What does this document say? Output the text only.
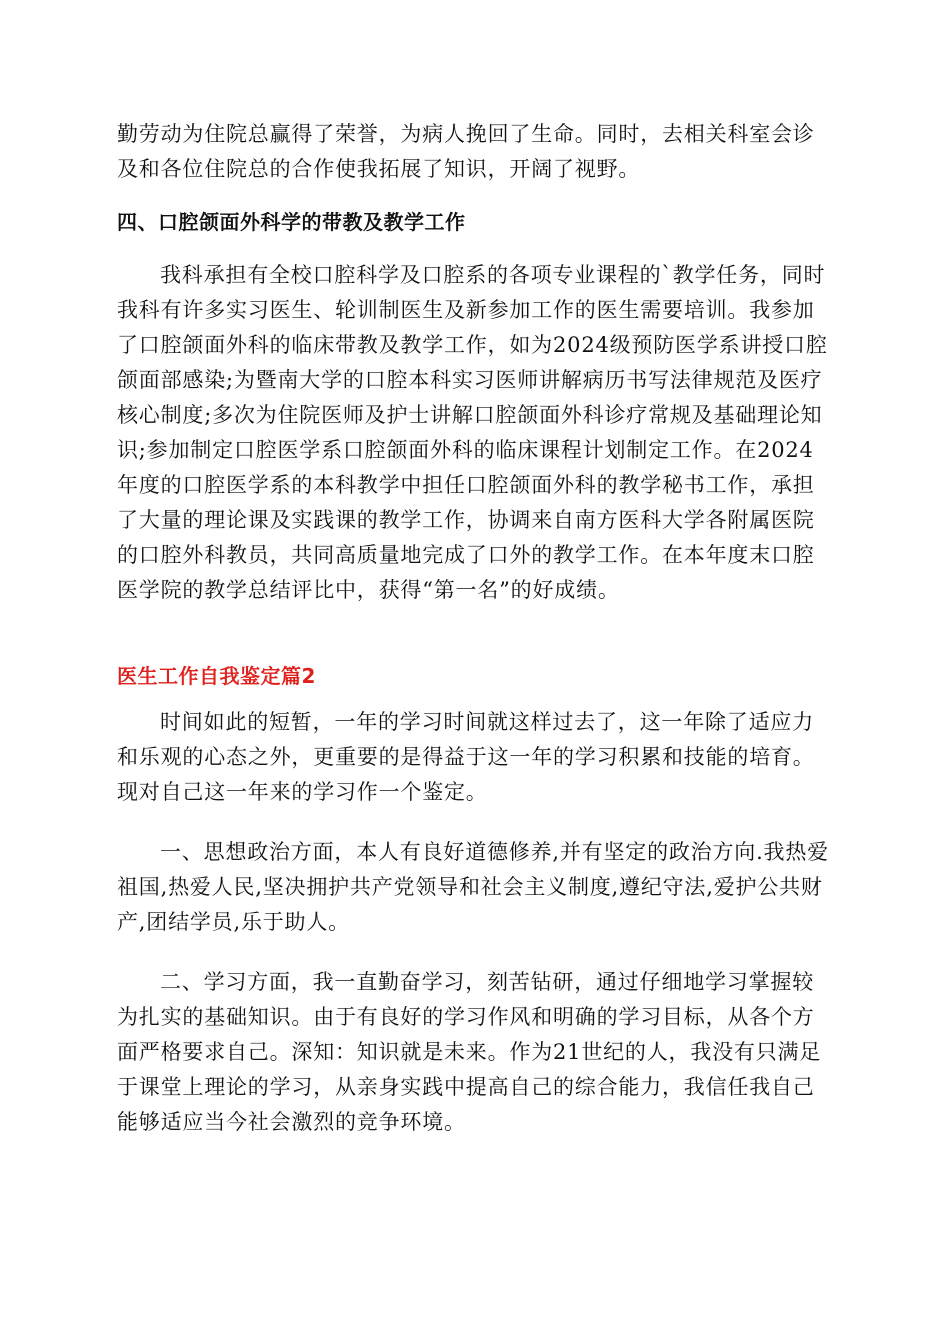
勤劳动为住院总赢得了荣誉，为病人挽回了生命。同时，去相关科室会诊及和各位住院总的合作使我拓展了知识，开阔了视野。
四、口腔颌面外科学的带教及教学工作
我科承担有全校口腔科学及口腔系的各项专业课程的`教学任务，同时我科有许多实习医生、轮训制医生及新参加工作的医生需要培训。我参加了口腔颌面外科的临床带教及教学工作，如为2024级预防医学系讲授口腔颌面部感染;为暨南大学的口腔本科实习医师讲解病历书写法律规范及医疗核心制度;多次为住院医师及护士讲解口腔颌面外科诊疗常规及基础理论知识;参加制定口腔医学系口腔颌面外科的临床课程计划制定工作。在2024年度的口腔医学系的本科教学中担任口腔颌面外科的教学秘书工作，承担了大量的理论课及实践课的教学工作，协调来自南方医科大学各附属医院的口腔外科教员，共同高质量地完成了口外的教学工作。在本年度末口腔医学院的教学总结评比中，获得“第一名”的好成绩。
医生工作自我鉴定篇2
时间如此的短暂，一年的学习时间就这样过去了，这一年除了适应力和乐观的心态之外，更重要的是得益于这一年的学习积累和技能的培育。现对自己这一年来的学习作一个鉴定。
一、思想政治方面，本人有良好道德修养,并有坚定的政治方向.我热爱祖国,热爱人民,坚决拥护共产党领导和社会主义制度,遵纪守法,爱护公共财产,团结学员,乐于助人。
二、学习方面，我一直勤奋学习，刻苦钻研，通过仔细地学习掌握较为扎实的基础知识。由于有良好的学习作风和明确的学习目标，从各个方面严格要求自己。深知：知识就是未来。作为21世纪的人，我没有只满足于课堂上理论的学习，从亲身实践中提高自己的综合能力，我信任我自己能够适应当今社会激烈的竞争环境。
